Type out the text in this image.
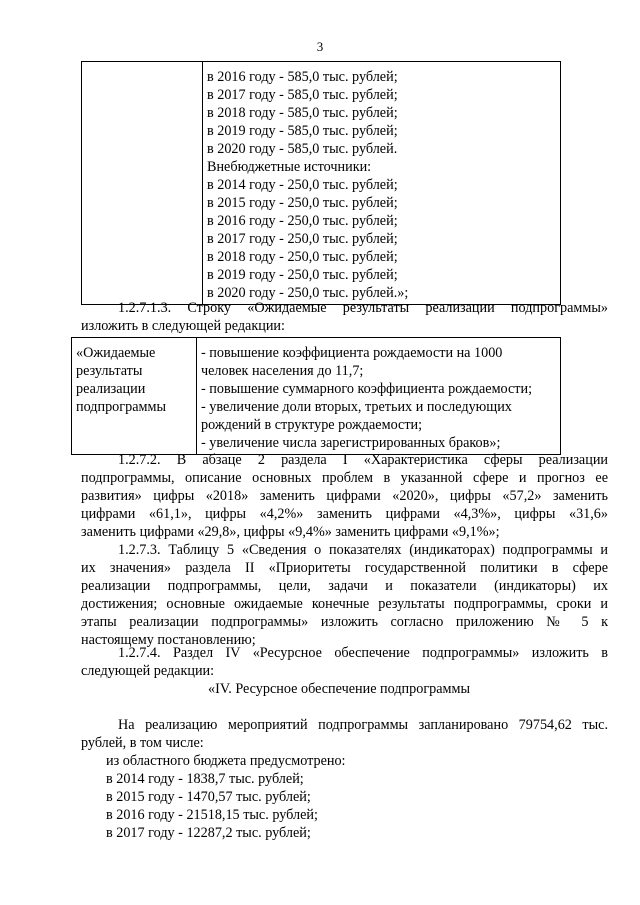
3

в 2016 году - 585,0 тыс. рублей;
в 2017 году - 585,0 тыс. рублей;
в 2018 году - 585,0 тыс. рублей;
в 2019 году - 585,0 тыс. рублей;
в 2020 году - 585,0 тыс. рублей.
Внебюджетные источники:
в 2014 году - 250,0 тыс. рублей;
в 2015 году - 250,0 тыс. рублей;
в 2016 году - 250,0 тыс. рублей;
в 2017 году - 250,0 тыс. рублей;
в 2018 году - 250,0 тыс. рублей;
в 2019 году - 250,0 тыс. рублей;
в 2020 году - 250,0 тыс. рублей.»;
1.2.7.1.3. Строку «Ожидаемые результаты реализации подпрограммы»
изложить в следующей редакции:
«Ожидаемые
результаты
реализации
подпрограммы

- повышение коэффициента рождаемости на 1000
человек населения до 11,7;
- повышение суммарного коэффициента рождаемости;
- увеличение доли вторых, третьих и последующих
рождений в структуре рождаемости;
- увеличение числа зарегистрированных браков»;
1.2.7.2. В абзаце 2 раздела I «Характеристика сферы реализации
подпрограммы, описание основных проблем в указанной сфере и прогноз ее
развития» цифры «2018» заменить цифрами «2020», цифры «57,2» заменить
цифрами «61,1», цифры «4,2%» заменить цифрами «4,3%», цифры «31,6»
заменить цифрами «29,8», цифры «9,4%» заменить цифрами «9,1%»;
1.2.7.3. Таблицу 5 «Сведения о показателях (индикаторах) подпрограммы и
их значения» раздела II «Приоритеты государственной политики в сфере
реализации подпрограммы, цели, задачи и показатели (индикаторы) их
достижения; основные ожидаемые конечные результаты подпрограммы, сроки и
этапы реализации подпрограммы» изложить согласно приложению № 5 к
настоящему постановлению;
1.2.7.4. Раздел IV «Ресурсное обеспечение подпрограммы» изложить в
следующей редакции:
«IV. Ресурсное обеспечение подпрограммы
На реализацию мероприятий подпрограммы запланировано 79754,62 тыс.
рублей, в том числе:
из областного бюджета предусмотрено:
в 2014 году - 1838,7 тыс. рублей;
в 2015 году - 1470,57 тыс. рублей;
в 2016 году - 21518,15 тыс. рублей;
в 2017 году - 12287,2 тыс. рублей;
